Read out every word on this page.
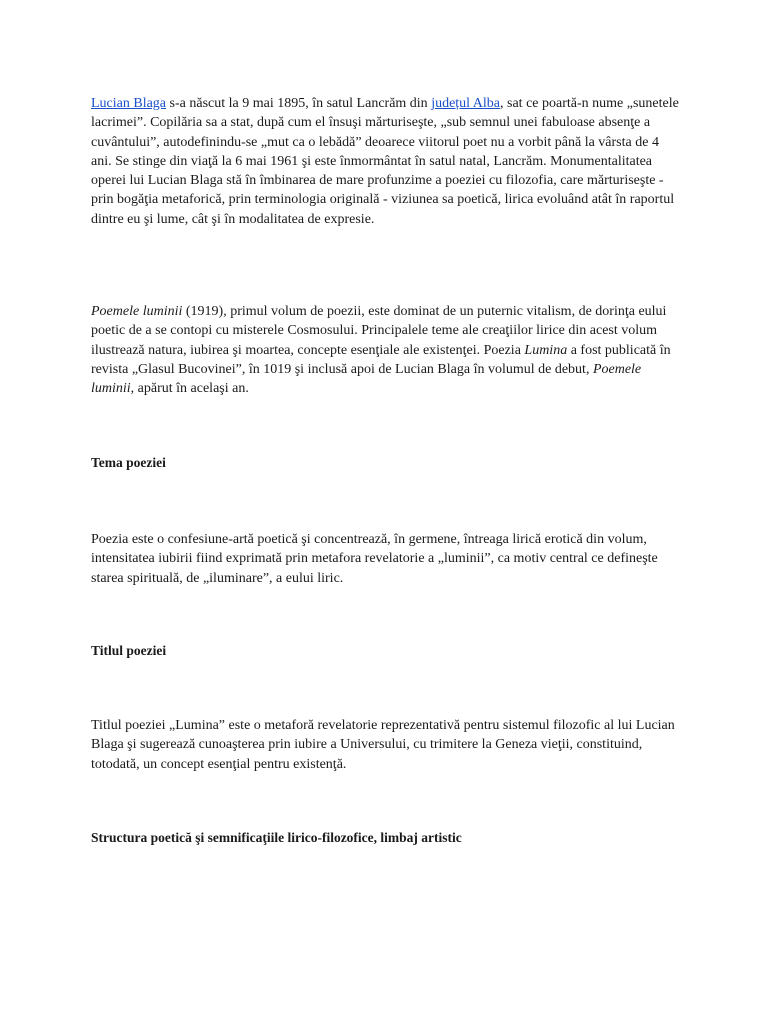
Lucian Blaga s-a născut la 9 mai 1895, în satul Lancrăm din județul Alba, sat ce poartă-n nume „sunetele lacrimei”. Copilăria sa a stat, după cum el însuşi mărturiseşte, „sub semnul unei fabuloase absenţe a cuvântului”, autodefinindu-se „mut ca o lebădă” deoarece viitorul poet nu a vorbit până la vârsta de 4 ani. Se stinge din viaţă la 6 mai 1961 şi este înmormântat în satul natal, Lancrăm. Monumentalitatea operei lui Lucian Blaga stă în îmbinarea de mare profunzime a poeziei cu filozofia, care mărturiseşte - prin bogăţia metaforică, prin terminologia originală - viziunea sa poetică, lirica evoluând atât în raportul dintre eu şi lume, cât şi în modalitatea de expresie.

Poemele luminii (1919), primul volum de poezii, este dominat de un puternic vitalism, de dorinţa eului poetic de a se contopi cu misterele Cosmosului. Principalele teme ale creaţiilor lirice din acest volum ilustrează natura, iubirea şi moartea, concepte esenţiale ale existenţei. Poezia Lumina a fost publicată în revista „Glasul Bucovinei”, în 1019 şi inclusă apoi de Lucian Blaga în volumul de debut, Poemele luminii, apărut în acelaşi an.

Tema poeziei

Poezia este o confesiune-artă poetică şi concentrează, în germene, întreaga lirică erotică din volum, intensitatea iubirii fiind exprimată prin metafora revelatorie a „luminii”, ca motiv central ce defineşte starea spirituală, de „iluminare”, a eului liric.

Titlul poeziei

Titlul poeziei „Lumina” este o metaforă revelatorie reprezentativă pentru sistemul filozofic al lui Lucian Blaga şi sugerează cunoaşterea prin iubire a Universului, cu trimitere la Geneza vieţii, constituind, totodată, un concept esenţial pentru existenţă.

Structura poetică şi semnificaţiile lirico-filozofice, limbaj artistic
